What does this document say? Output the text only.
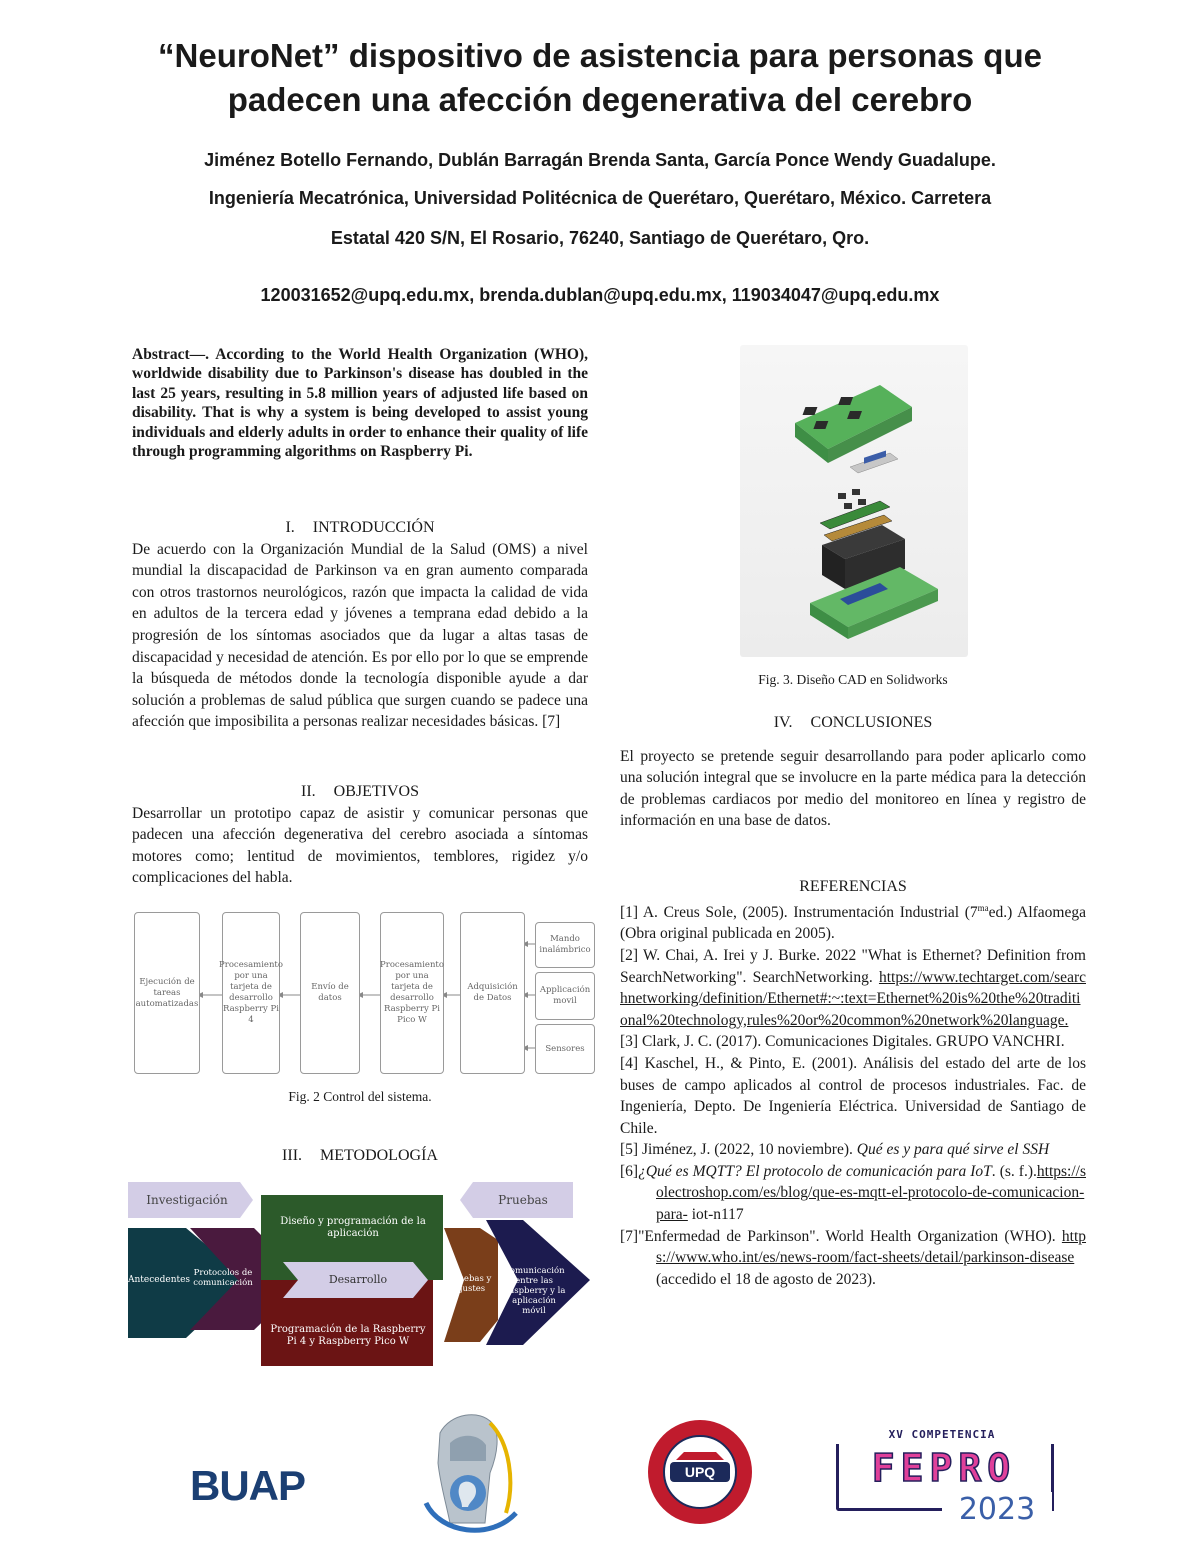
“NeuroNet” dispositivo de asistencia para personas que
padecen una afección degenerativa del cerebro

Jiménez Botello Fernando, Dublán Barragán Brenda Santa, García Ponce Wendy Guadalupe.

Ingeniería Mecatrónica, Universidad Politécnica de Querétaro, Querétaro, México. Carretera

Estatal 420 S/N, El Rosario, 76240, Santiago de Querétaro, Qro.

120031652@upq.edu.mx, brenda.dublan@upq.edu.mx, 119034047@upq.edu.mx

Abstract—. According to the World Health Organization (WHO), worldwide disability due to Parkinson's disease has doubled in the last 25 years, resulting in 5.8 million years of adjusted life based on disability. That is why a system is being developed to assist young individuals and elderly adults in order to enhance their quality of life through programming algorithms on Raspberry Pi.

I. INTRODUCCIÓN

De acuerdo con la Organización Mundial de la Salud (OMS) a nivel mundial la discapacidad de Parkinson va en gran aumento comparada con otros trastornos neurológicos, razón que impacta la calidad de vida en adultos de la tercera edad y jóvenes a temprana edad debido a la progresión de los síntomas asociados que da lugar a altas tasas de discapacidad y necesidad de atención. Es por ello por lo que se emprende la búsqueda de métodos donde la tecnología disponible ayude a dar solución a problemas de salud pública que surgen cuando se padece una afección que imposibilita a personas realizar necesidades básicas. [7]

II. OBJETIVOS

Desarrollar un prototipo capaz de asistir y comunicar personas que padecen una afección degenerativa del cerebro asociada a síntomas motores como; lentitud de movimientos, temblores, rigidez y/o complicaciones del habla.

Ejecución de tareas automatizadas
Procesamiento por una tarjeta de desarrollo Raspberry Pi 4
Envío de datos
Procesamiento por una tarjeta de desarrollo Raspberry Pi Pico W
Adquisición de Datos
Mando inalámbrico
Applicación movil
Sensores
Fig. 2 Control del sistema.
III. METODOLOGÍA
Investigación	Pruebas
Antecedentes
Protocolos de comunicación
Diseño y programación de la aplicación
Desarrollo
Programación de la Raspberry Pi 4 y Raspberry Pico W
Pruebas y ajustes
Comunicación entre las Raspberry y la aplicación móvil
Fig. 3. Diseño CAD en Solidworks
IV. CONCLUSIONES

El proyecto se pretende seguir desarrollando para poder aplicarlo como una solución integral que se involucre en la parte médica para la detección de problemas cardiacos por medio del monitoreo en línea y registro de información en una base de datos.

REFERENCIAS

[1] A. Creus Sole, (2005). Instrumentación Industrial $(7^{ma}ed.)$ Alfaomega (Obra original publicada en 2005).

[2] W. Chai, A. Irei y J. Burke. 2022 "What is Ethernet? Definition from SearchNetworking". SearchNetworking. https://www.techtarget.com/searchnetworking/definition/Ethernet#:~:text=Ethernet%20is%20the%20traditional%20technology,rules%20or%20common%20network%20language.

[3] Clark, J. C. (2017). Comunicaciones Digitales. GRUPO VANCHRI.

[4] Kaschel, H., & Pinto, E. (2001). Análisis del estado del arte de los buses de campo aplicados al control de procesos industriales. Fac. de Ingeniería, Depto. De Ingeniería Eléctrica. Universidad de Santiago de Chile.

[5] Jiménez, J. (2022, 10 noviembre). Qué es y para qué sirve el SSH

[6]¿Qué es MQTT? El protocolo de comunicación para IoT. (s. f.).https://solectroshop.com/es/blog/que-es-mqtt-el-protocolo-de-comunicacion-para- iot-n117

[7]"Enfermedad de Parkinson". World Health Organization (WHO). https://www.who.int/es/news-room/fact-sheets/detail/parkinson-disease (accedido el 18 de agosto de 2023).

BUAP	UPQ
XV COMPETENCIA
FEPRO
2023
